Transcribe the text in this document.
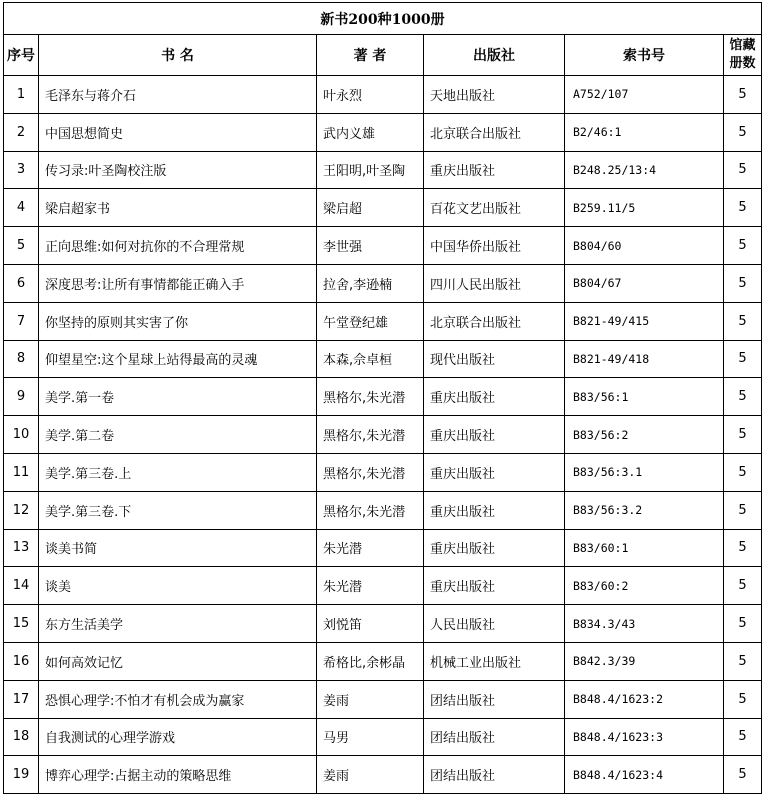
新书200种1000册					
序号	书 名	著 者	出版社	索书号	馆藏册数
1	毛泽东与蒋介石	叶永烈	天地出版社	A752/107	5
2	中国思想简史	武内义雄	北京联合出版社	B2/46:1	5
3	传习录:叶圣陶校注版	王阳明,叶圣陶	重庆出版社	B248.25/13:4	5
4	梁启超家书	梁启超	百花文艺出版社	B259.11/5	5
5	正向思维:如何对抗你的不合理常规	李世强	中国华侨出版社	B804/60	5
6	深度思考:让所有事情都能正确入手	拉舍,李逊楠	四川人民出版社	B804/67	5
7	你坚持的原则其实害了你	午堂登纪雄	北京联合出版社	B821-49/415	5
8	仰望星空:这个星球上站得最高的灵魂	本森,佘卓桓	现代出版社	B821-49/418	5
9	美学.第一卷	黑格尔,朱光潜	重庆出版社	B83/56:1	5
10	美学.第二卷	黑格尔,朱光潜	重庆出版社	B83/56:2	5
11	美学.第三卷.上	黑格尔,朱光潜	重庆出版社	B83/56:3.1	5
12	美学.第三卷.下	黑格尔,朱光潜	重庆出版社	B83/56:3.2	5
13	谈美书简	朱光潜	重庆出版社	B83/60:1	5
14	谈美	朱光潜	重庆出版社	B83/60:2	5
15	东方生活美学	刘悦笛	人民出版社	B834.3/43	5
16	如何高效记忆	希格比,余彬晶	机械工业出版社	B842.3/39	5
17	恐惧心理学:不怕才有机会成为赢家	姜雨	团结出版社	B848.4/1623:2	5
18	自我测试的心理学游戏	马男	团结出版社	B848.4/1623:3	5
19	博弈心理学:占据主动的策略思维	姜雨	团结出版社	B848.4/1623:4	5
